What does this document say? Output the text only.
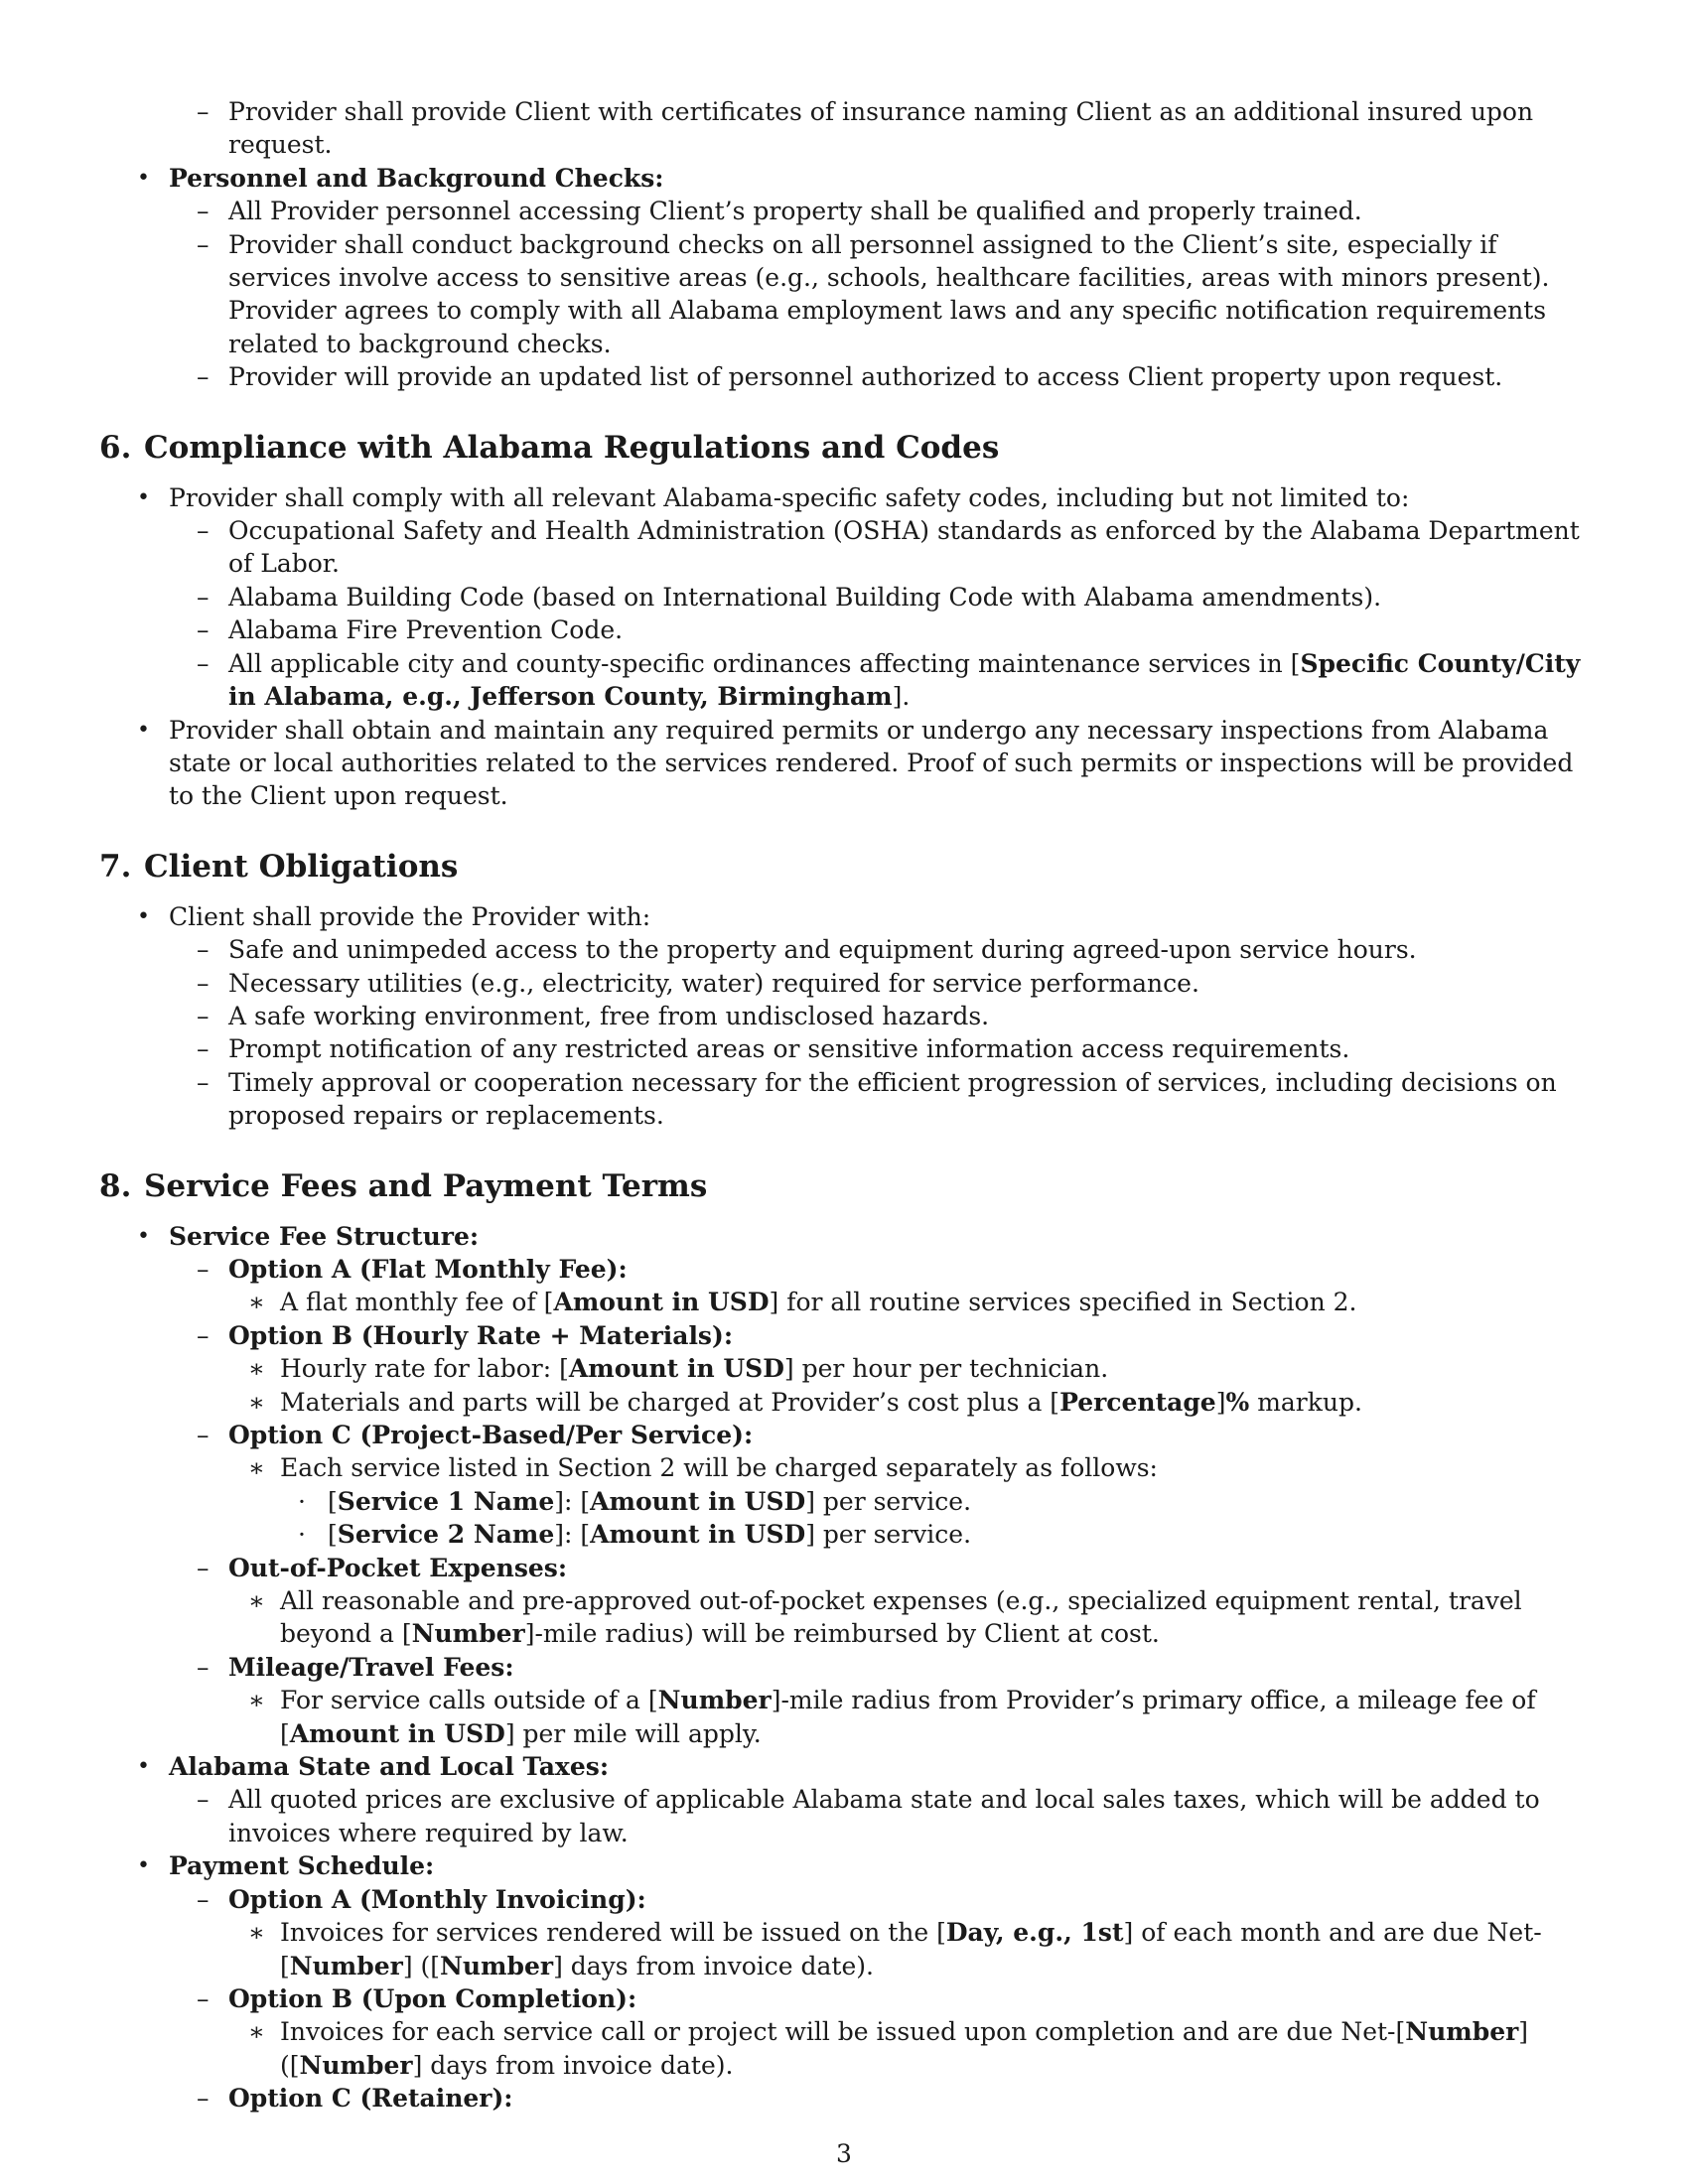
– Provider shall provide Client with certificates of insurance naming Client as an additional insured upon request.
• Personnel and Background Checks:
– All Provider personnel accessing Client’s property shall be qualified and properly trained.
– Provider shall conduct background checks on all personnel assigned to the Client’s site, especially if services involve access to sensitive areas (e.g., schools, healthcare facilities, areas with minors present). Provider agrees to comply with all Alabama employment laws and any specific notification requirements related to background checks.
– Provider will provide an updated list of personnel authorized to access Client property upon request.
6. Compliance with Alabama Regulations and Codes
• Provider shall comply with all relevant Alabama-specific safety codes, including but not limited to:
– Occupational Safety and Health Administration (OSHA) standards as enforced by the Alabama Department of Labor.
– Alabama Building Code (based on International Building Code with Alabama amendments).
– Alabama Fire Prevention Code.
– All applicable city and county-specific ordinances affecting maintenance services in [Specific County/City in Alabama, e.g., Jefferson County, Birmingham].
• Provider shall obtain and maintain any required permits or undergo any necessary inspections from Alabama state or local authorities related to the services rendered. Proof of such permits or inspections will be provided to the Client upon request.
7. Client Obligations
• Client shall provide the Provider with:
– Safe and unimpeded access to the property and equipment during agreed-upon service hours.
– Necessary utilities (e.g., electricity, water) required for service performance.
– A safe working environment, free from undisclosed hazards.
– Prompt notification of any restricted areas or sensitive information access requirements.
– Timely approval or cooperation necessary for the efficient progression of services, including decisions on proposed repairs or replacements.
8. Service Fees and Payment Terms
• Service Fee Structure:
– Option A (Flat Monthly Fee):
∗ A flat monthly fee of [Amount in USD] for all routine services specified in Section 2.
– Option B (Hourly Rate + Materials):
∗ Hourly rate for labor: [Amount in USD] per hour per technician.
∗ Materials and parts will be charged at Provider’s cost plus a [Percentage]% markup.
– Option C (Project-Based/Per Service):
∗ Each service listed in Section 2 will be charged separately as follows:
· [Service 1 Name]: [Amount in USD] per service.
· [Service 2 Name]: [Amount in USD] per service.
– Out-of-Pocket Expenses:
∗ All reasonable and pre-approved out-of-pocket expenses (e.g., specialized equipment rental, travel beyond a [Number]-mile radius) will be reimbursed by Client at cost.
– Mileage/Travel Fees:
∗ For service calls outside of a [Number]-mile radius from Provider’s primary office, a mileage fee of [Amount in USD] per mile will apply.
• Alabama State and Local Taxes:
– All quoted prices are exclusive of applicable Alabama state and local sales taxes, which will be added to invoices where required by law.
• Payment Schedule:
– Option A (Monthly Invoicing):
∗ Invoices for services rendered will be issued on the [Day, e.g., 1st] of each month and are due Net-[Number] ([Number] days from invoice date).
– Option B (Upon Completion):
∗ Invoices for each service call or project will be issued upon completion and are due Net-[Number] ([Number] days from invoice date).
– Option C (Retainer):
3
